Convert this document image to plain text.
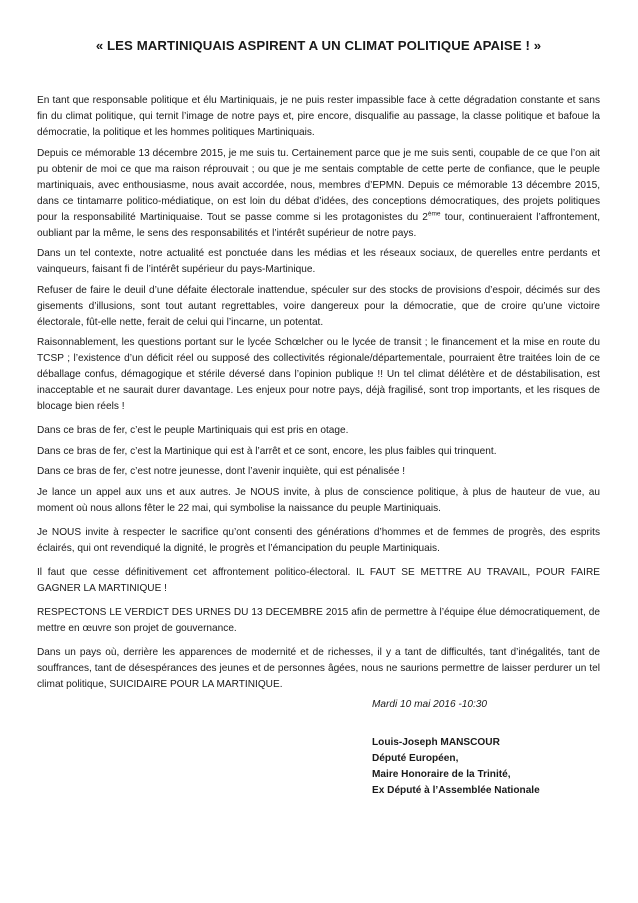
« LES MARTINIQUAIS ASPIRENT A UN CLIMAT POLITIQUE APAISE ! »

En tant que responsable politique et élu Martiniquais, je ne puis rester impassible face à cette dégradation constante et sans fin du climat politique, qui ternit l’image de notre pays et, pire encore, disqualifie au passage, la classe politique et bafoue la démocratie, la politique et les hommes politiques Martiniquais.

Depuis ce mémorable 13 décembre 2015, je me suis tu. Certainement parce que je me suis senti, coupable de ce que l’on ait pu obtenir de moi ce que ma raison réprouvait ; ou que je me sentais comptable de cette perte de confiance, que le peuple martiniquais, avec enthousiasme, nous avait accordée, nous, membres d’EPMN. Depuis ce mémorable 13 décembre 2015, dans ce tintamarre politico-médiatique, on est loin du débat d’idées, des conceptions démocratiques, des projets politiques pour la responsabilité Martiniquaise. Tout se passe comme si les protagonistes du 2ème tour, continueraient l’affrontement, oubliant par la même, le sens des responsabilités et l’intérêt supérieur de notre pays.

Dans un tel contexte, notre actualité est ponctuée dans les médias et les réseaux sociaux, de querelles entre perdants et vainqueurs, faisant fi de l’intérêt supérieur du pays-Martinique.

Refuser de faire le deuil d’une défaite électorale inattendue, spéculer sur des stocks de provisions d’espoir, décimés sur des gisements d’illusions, sont tout autant regrettables, voire dangereux pour la démocratie, que de croire qu’une victoire électorale, fût-elle nette, ferait de celui qui l’incarne, un potentat.

Raisonnablement, les questions portant sur le lycée Schœlcher ou le lycée de transit ; le financement et la mise en route du TCSP ; l’existence d’un déficit réel ou supposé des collectivités régionale/départementale, pourraient être traitées loin de ce déballage confus, démagogique et stérile déversé dans l’opinion publique !! Un tel climat délétère et de déstabilisation, est inacceptable et ne saurait durer davantage. Les enjeux pour notre pays, déjà fragilisé, sont trop importants, et les risques de blocage bien réels !

Dans ce bras de fer, c’est le peuple Martiniquais qui est pris en otage.

Dans ce bras de fer, c’est la Martinique qui est à l’arrêt et ce sont, encore, les plus faibles qui trinquent.

Dans ce bras de fer, c’est notre jeunesse, dont l’avenir inquiète, qui est pénalisée !

Je lance un appel aux uns et aux autres. Je NOUS invite, à plus de conscience politique, à plus de hauteur de vue, au moment où nous allons fêter le 22 mai, qui symbolise la naissance du peuple Martiniquais.

Je NOUS invite à respecter le sacrifice qu’ont consenti des générations d’hommes et de femmes de progrès, des esprits éclairés, qui ont revendiqué la dignité, le progrès et l’émancipation du peuple Martiniquais.

Il faut que cesse définitivement cet affrontement politico-électoral. IL FAUT SE METTRE AU TRAVAIL, POUR FAIRE GAGNER LA MARTINIQUE !

RESPECTONS LE VERDICT DES URNES DU 13 DECEMBRE 2015 afin de permettre à l’équipe élue démocratiquement, de mettre en œuvre son projet de gouvernance.

Dans un pays où, derrière les apparences de modernité et de richesses, il y a tant de difficultés, tant d’inégalités, tant de souffrances, tant de désespérances des jeunes et de personnes âgées, nous ne saurions permettre de laisser perdurer un tel climat politique, SUICIDAIRE POUR LA MARTINIQUE.

Mardi 10 mai 2016 -10:30
Louis-Joseph MANSCOUR
Député Européen,
Maire Honoraire de la Trinité,
Ex Député à l’Assemblée Nationale
